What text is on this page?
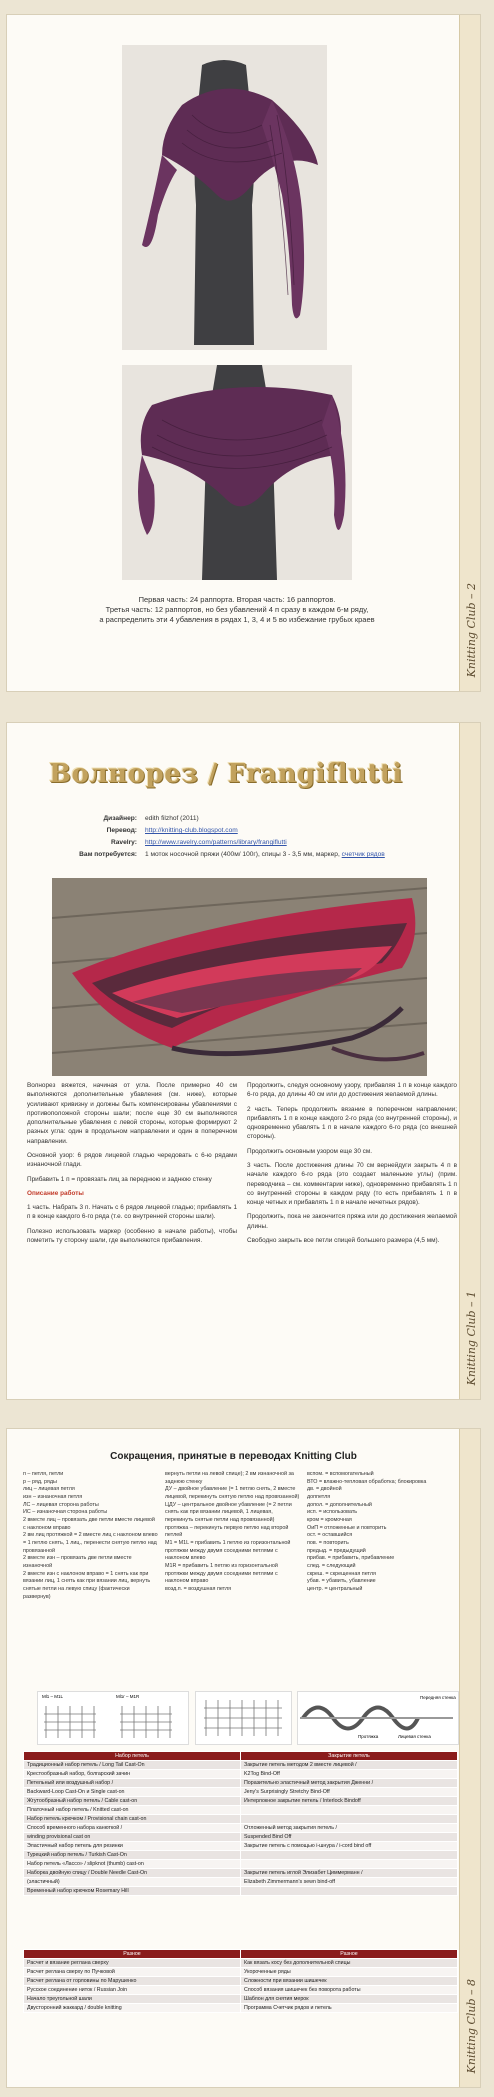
Первая часть: 24 раппорта. Вторая часть: 16 раппортов.
Третья часть: 12 раппортов, но без убавлений 4 п сразу в каждом 6-м ряду,
а распределить эти 4 убавления в рядах 1, 3, 4 и 5 во избежание грубых краев	Knitting Club – 2
Волнорез / Frangiflutti
Дизайнер: edith filzhof (2011)
Перевод: http://knitting-club.blogspot.com
Ravelry: http://www.ravelry.com/patterns/library/frangiflutti
Вам потребуется: 1 моток носочной пряжи (400м/ 100г), спицы 3 - 3,5 мм, маркер, счетчик рядов

Волнорез вяжется, начиная от угла. После примерно 40 см выполняются дополнительные убавления (см. ниже), которые усиливают кривизну и должны быть компенсированы убавлениями с противоположной стороны шали; после еще 30 см выполняются дополнительные убавления с левой стороны, которые формируют 2 разных угла: один в продольном направлении и один в поперечном направлении.

Основной узор: 6 рядов лицевой гладью чередовать с 6-ю рядами изнаночной глади.

Прибавить 1 п = провязать лиц за переднюю и заднюю стенку

Описание работы

1 часть. Набрать 3 п. Начать с 6 рядов лицевой гладью; прибавлять 1 п в конце каждого 6-го ряда (т.е. со внутренней стороны шали).

Полезно использовать маркер (особенно в начале работы), чтобы пометить ту сторону шали, где выполняются прибавления.

Продолжить, следуя основному узору, прибавляя 1 п в конце каждого 6-го ряда, до длины 40 см или до достижения желаемой длины.

2 часть. Теперь продолжить вязание в поперечном направлении; прибавлять 1 п в конце каждого 2-го ряда (со внутренней стороны), и одновременно убавлять 1 п в начале каждого 6-го ряда (со внешней стороны).

Продолжить основным узором еще 30 см.

3 часть. После достижения длины 70 см вернейдуги закрыть 4 п в начале каждого 6-го ряда (это создает маленькие углы) (прим. переводчика – см. комментарии ниже), одновременно прибавлять 1 п со внутренней стороны в каждом ряду (то есть прибавлять 1 п в конце четных и прибавлять 1 п в начале нечетных рядов).

Продолжить, пока не закончится пряжа или до достижения желаемой длины.

Свободно закрыть все петли спицей большего размера (4,5 мм).

Knitting Club – 1
Сокращения, принятые в переводах Knitting Club
п – петля, петли
р – ряд, ряды
лиц – лицевая петля
изн – изнаночная петля
ЛС – лицевая сторона работы
ИС – изнаночная сторона работы
2 вместе лиц – провязать две петли вместе лицевой с наклоном вправо
2 вм лиц протяжкой = 2 вместе лиц с наклоном влево = 1 петлю снять, 1 лиц., перенести снятую петлю над провязанной
2 вместе изн – провязать две петли вместе изнаночной
2 вместе изн с наклоном вправо = 1 снять как при вязании лиц, 1 снять как при вязании лиц, вернуть снятые петли на левую спицу (фактически развернув)
вернуть петли на левой спице); 2 вм изнаночной за заднюю стенку
ДУ – двойное убавление (= 1 петлю снять, 2 вместе лицевой, перекинуть снятую петлю над провязанной)
ЦДУ – центральное двойное убавление (= 2 петли снять как при вязании лицевой, 1 лицевая, перекинуть снятые петли над провязанной)
протяжка – перекинуть первую петлю над второй петлей
М1 = М1L = прибавить 1 петлю из горизонтальной протяжки между двумя соседними петлями с наклоном влево
M1R = прибавить 1 петлю из горизонтальной протяжки между двумя соседними петлями с наклоном вправо
возд.п. = воздушная петля
вспом. = вспомогательный
ВТО = влажно-тепловая обработка; блокировка
дв. = двойной
доппетля
допол. = дополнительный
исп. = использовать
кром = кромочная
ОиП = отложенные и повторить
ост. = оставшийся
пов. = повторить
предыд. = предыдущий
прибав. = прибавить, прибавление
след. = следующий
скреш. = скрещенная петля
убав. = убавить, убавление
центр. = центральный
Ml1 – M1L	Ml1r – M1R
Протяжка	Лицевая стенка
Передняя стенка
Набор петель	Закрытие петель
Традиционный набор петель / Long Tail Cast-On	Закрытие петель методом 2 вместе лицевой /
Крестообразный набор, болгарский зачин	K2Tog Bind-Off
Петельный или воздушный набор /	Поразительно эластичный метод закрытия Дженни /
Backward-Loop Cast-On и Single cast-on	Jeny's Surprisingly Stretchy Bind-Off
Жгутообразный набор петель / Cable cast-on	Интерлокное закрытие петель / Interlock Bindoff
Платочный набор петель / Knitted cast-on	
Набор петель крючком / Provisional chain cast-on	
Способ временного набора канюткой /	Отложенный метод закрытия петель /
winding provisional cast on	Suspended Bind Off
Эластичный набор петель для резинки	Закрытие петель с помощью i-шнура / i-cord bind off
Турецкий набор петель / Turkish Cast-On	
Набор петель «Лассо» / slipknot (thumb) cast-on	
Наборка двойную спицу / Double Needle Cast-On	Закрытие петель иглой Элизабет Циммерманн /
(эластичный)	Elizabeth Zimmermann's sewn bind-off
Временный набор крючком Rosemary Hill	
Разное	Разное
Расчет и вязание реглана сверху	Как вязать косу без дополнительной спицы
Расчет реглана сверху по Пучковой	Укороченные ряды
Расчет реглана от горловины по Марушенко	Сложности при вязании шишечек
Русское соединение ниток / Russian Join	Способ вязания шишечек без поворота работы
Начало треугольной шали	Шаблон для снятия мерок
Двусторонний жаккард / double knitting	Программа Счетчик рядов и петель	Knitting Club – 8
